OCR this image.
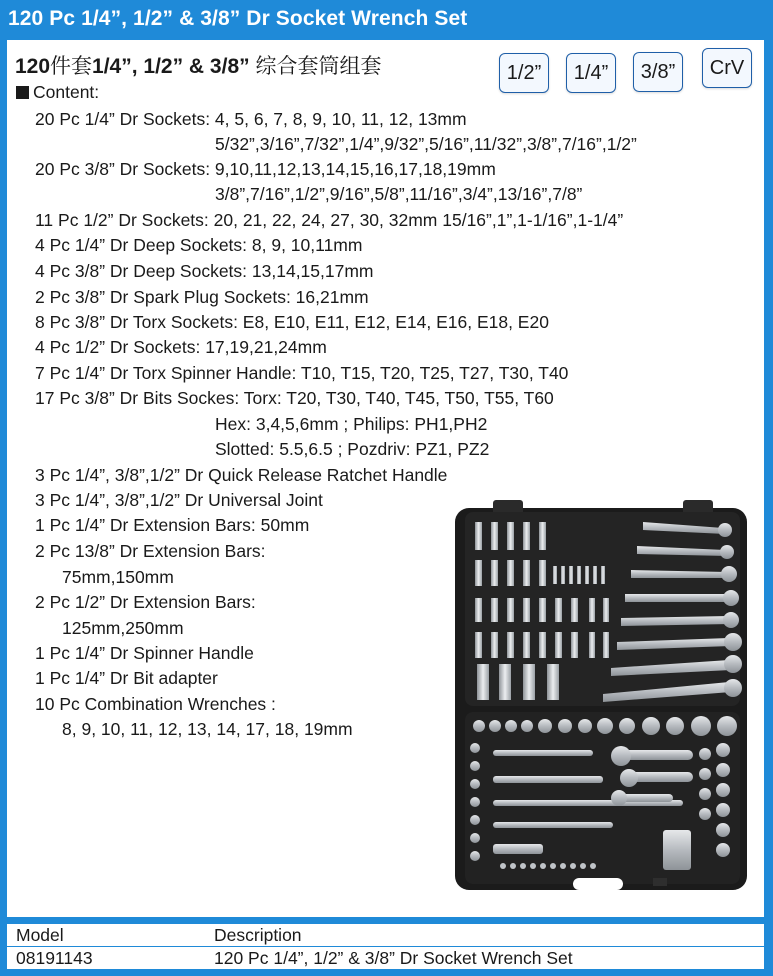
120 Pc 1/4”, 1/2” & 3/8” Dr Socket Wrench Set
120件套1/4”, 1/2” & 3/8” 综合套筒组套	1/2”	1/4”	3/8”	CrV
Content:
20 Pc 1/4” Dr Sockets: 4, 5, 6, 7, 8, 9, 10, 11, 12, 13mm
5/32”,3/16”,7/32”,1/4”,9/32”,5/16”,11/32”,3/8”,7/16”,1/2”
20 Pc 3/8” Dr Sockets: 9,10,11,12,13,14,15,16,17,18,19mm
3/8”,7/16”,1/2”,9/16”,5/8”,11/16”,3/4”,13/16”,7/8”
11 Pc 1/2” Dr Sockets: 20, 21, 22, 24, 27, 30, 32mm 15/16”,1”,1-1/16”,1-1/4”
4 Pc 1/4” Dr Deep Sockets: 8, 9, 10,11mm
4 Pc 3/8” Dr Deep Sockets: 13,14,15,17mm
2 Pc 3/8” Dr Spark Plug Sockets: 16,21mm
8 Pc 3/8” Dr Torx Sockets: E8, E10, E11, E12, E14, E16, E18, E20
4 Pc 1/2” Dr Sockets: 17,19,21,24mm
7 Pc 1/4” Dr Torx Spinner Handle: T10, T15, T20, T25, T27, T30, T40
17 Pc 3/8” Dr Bits Sockes: Torx: T20, T30, T40, T45, T50, T55, T60
Hex: 3,4,5,6mm ; Philips: PH1,PH2
Slotted: 5.5,6.5 ; Pozdriv: PZ1, PZ2
3 Pc 1/4”, 3/8”,1/2” Dr Quick Release Ratchet Handle
3 Pc 1/4”, 3/8”,1/2” Dr Universal Joint
1 Pc 1/4” Dr Extension Bars: 50mm
2 Pc 13/8” Dr Extension Bars:
75mm,150mm
2 Pc 1/2” Dr Extension Bars:
125mm,250mm
1 Pc 1/4” Dr Spinner Handle
1 Pc 1/4” Dr Bit adapter
10 Pc Combination Wrenches :
8, 9, 10, 11, 12, 13, 14, 17, 18, 19mm
Model	Description
08191143	120 Pc 1/4”, 1/2” & 3/8” Dr Socket Wrench Set
